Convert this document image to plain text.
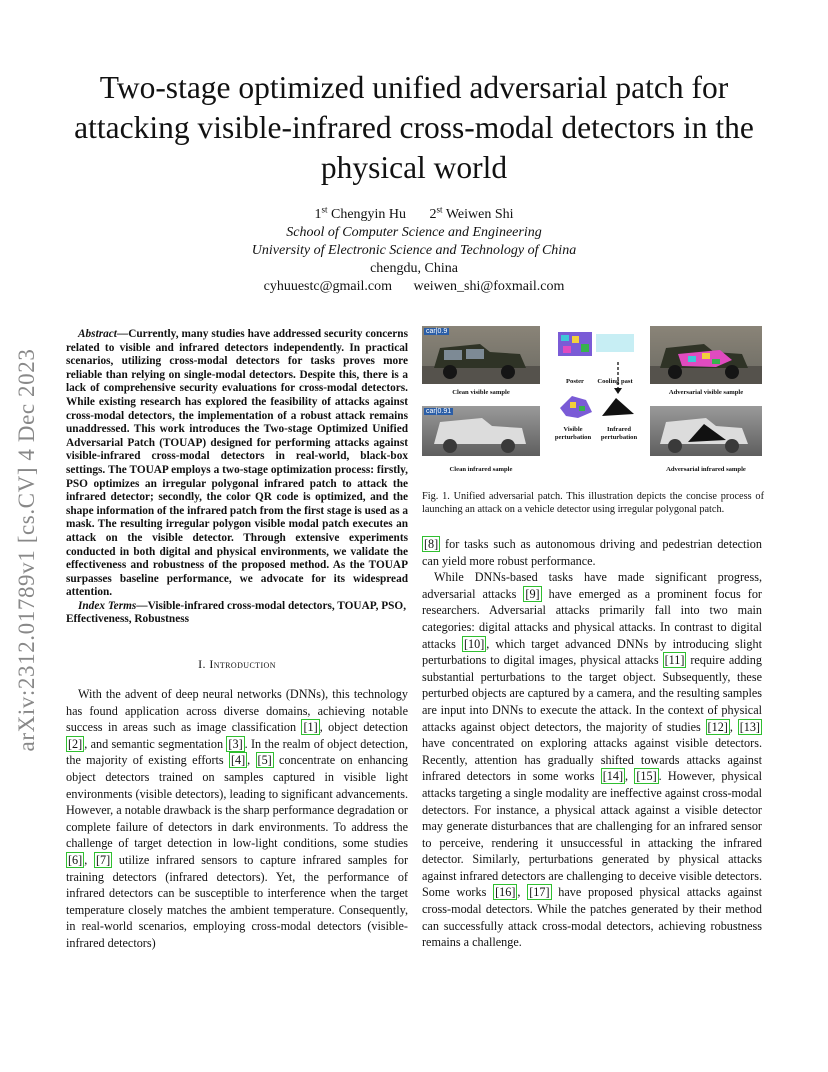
arXiv:2312.01789v1 [cs.CV] 4 Dec 2023
Two-stage optimized unified adversarial patch for attacking visible-infrared cross-modal detectors in the physical world
1st Chengyin Hu 2st Weiwen Shi
School of Computer Science and Engineering
University of Electronic Science and Technology of China
chengdu, China
cyhuuestc@gmail.com weiwen_shi@foxmail.com

Abstract—Currently, many studies have addressed security concerns related to visible and infrared detectors independently. In practical scenarios, utilizing cross-modal detectors for tasks proves more reliable than relying on single-modal detectors. Despite this, there is a lack of comprehensive security evaluations for cross-modal detectors. While existing research has explored the feasibility of attacks against cross-modal detectors, the implementation of a robust attack remains unaddressed. This work introduces the Two-stage Optimized Unified Adversarial Patch (TOUAP) designed for performing attacks against visible-infrared cross-modal detectors in real-world, black-box settings. The TOUAP employs a two-stage optimization process: firstly, PSO optimizes an irregular polygonal infrared patch to attack the infrared detector; secondly, the color QR code is optimized, and the shape information of the infrared patch from the first stage is used as a mask. The resulting irregular polygon visible modal patch executes an attack on the visible detector. Through extensive experiments conducted in both digital and physical environments, we validate the effectiveness and robustness of the proposed method. As the TOUAP surpasses baseline performance, we advocate for its widespread attention.

Index Terms—Visible-infrared cross-modal detectors, TOUAP, PSO, Effectiveness, Robustness

I. Introduction

With the advent of deep neural networks (DNNs), this technology has found application across diverse domains, achieving notable success in areas such as image classification [1] , object detection [2] , and semantic segmentation [3] . In the realm of object detection, the majority of existing efforts [4] , [5] concentrate on enhancing object detectors trained on samples captured in visible light environments (visible detectors), leading to significant advancements. However, a notable drawback is the sharp performance degradation or complete failure of detectors in dark environments. To address the challenge of target detection in low-light conditions, some studies [6] , [7] utilize infrared sensors to capture infrared samples for training detectors (infrared detectors). Yet, the performance of infrared detectors can be susceptible to interference when the target temperature closely matches the ambient temperature. Consequently, in real-world scenarios, employing cross-modal detectors (visible-infrared detectors)

car|0.9
car|0.91
Clean visible sample
Poster	Cooling past
Adversarial visible sample
Visible perturbation
Infrared perturbation
Clean infrared sample	Adversarial infrared sample
Fig. 1. Unified adversarial patch. This illustration depicts the concise process of launching an attack on a vehicle detector using irregular polygonal patch.

[8] for tasks such as autonomous driving and pedestrian detection can yield more robust performance.

While DNNs-based tasks have made significant progress, adversarial attacks [9] have emerged as a prominent focus for researchers. Adversarial attacks primarily fall into two main categories: digital attacks and physical attacks. In contrast to digital attacks [10] , which target advanced DNNs by introducing slight perturbations to digital images, physical attacks [11] require adding substantial perturbations to the target object. Subsequently, these perturbed objects are captured by a camera, and the resulting samples are input into DNNs to execute the attack. In the context of physical attacks against object detectors, the majority of studies [12] , [13] have concentrated on exploring attacks against visible detectors. Recently, attention has gradually shifted towards attacks against infrared detectors in some works [14] , [15] . However, physical attacks targeting a single modality are ineffective against cross-modal detectors. For instance, a physical attack against a visible detector may generate disturbances that are challenging for an infrared sensor to perceive, rendering it unsuccessful in attacking the infrared detector. Similarly, perturbations generated by physical attacks against infrared detectors are challenging to deceive visible detectors. Some works [16] , [17] have proposed physical attacks against cross-modal detectors. While the patches generated by their method can successfully attack cross-modal detectors, achieving robustness remains a challenge.
